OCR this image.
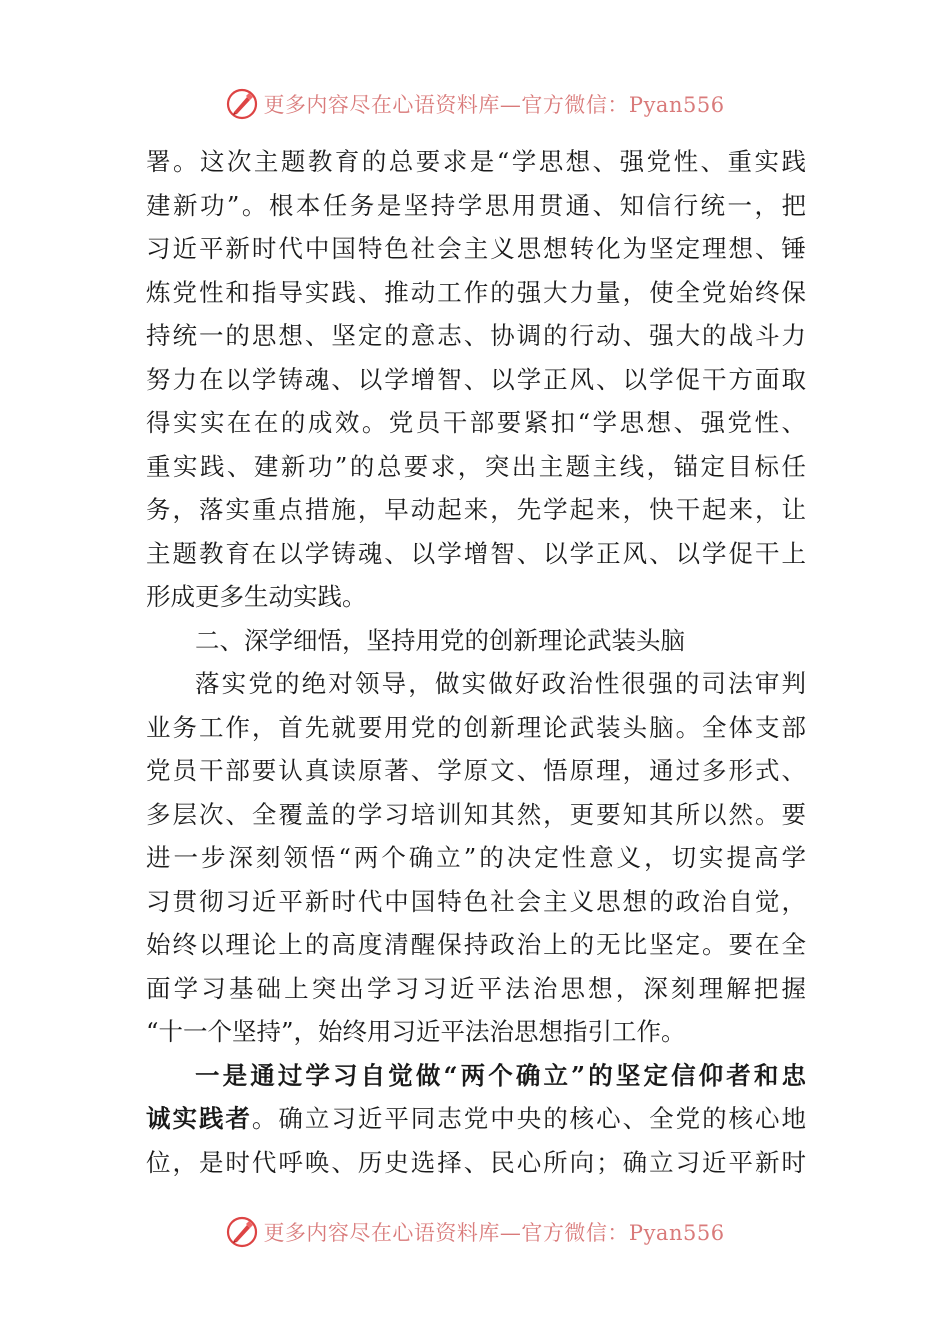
更多内容尽在心语资料库—官方微信：Pyan556
署。这次主题教育的总要求是“学思想、强党性、重实践
建新功”。根本任务是坚持学思用贯通、知信行统一，把
习近平新时代中国特色社会主义思想转化为坚定理想、锤
炼党性和指导实践、推动工作的强大力量，使全党始终保
持统一的思想、坚定的意志、协调的行动、强大的战斗力
努力在以学铸魂、以学增智、以学正风、以学促干方面取
得实实在在的成效。党员干部要紧扣“学思想、强党性、
重实践、建新功”的总要求，突出主题主线，锚定目标任
务，落实重点措施，早动起来，先学起来，快干起来，让
主题教育在以学铸魂、以学增智、以学正风、以学促干上
形成更多生动实践。
二、深学细悟，坚持用党的创新理论武装头脑
落实党的绝对领导，做实做好政治性很强的司法审判
业务工作，首先就要用党的创新理论武装头脑。全体支部
党员干部要认真读原著、学原文、悟原理，通过多形式、
多层次、全覆盖的学习培训知其然，更要知其所以然。要
进一步深刻领悟“两个确立”的决定性意义，切实提高学
习贯彻习近平新时代中国特色社会主义思想的政治自觉，
始终以理论上的高度清醒保持政治上的无比坚定。要在全
面学习基础上突出学习习近平法治思想，深刻理解把握
“十一个坚持”，始终用习近平法治思想指引工作。
一是通过学习自觉做“两个确立”的坚定信仰者和忠
诚实践者。确立习近平同志党中央的核心、全党的核心地
位，是时代呼唤、历史选择、民心所向；确立习近平新时
更多内容尽在心语资料库—官方微信：Pyan556
